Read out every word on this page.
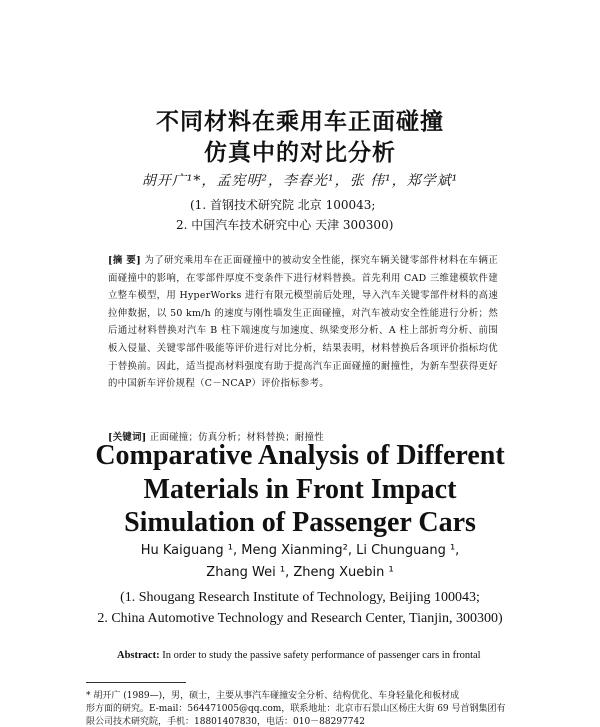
不同材料在乘用车正面碰撞
仿真中的对比分析
胡开广¹*，孟宪明²，李春光¹，张 伟¹，郑学斌¹
(1. 首钢技术研究院 北京 100043;
2. 中国汽车技术研究中心 天津 300300)
[摘 要] 为了研究乘用车在正面碰撞中的被动安全性能，探究车辆关键零部件材料在车辆正面碰撞中的影响，在零部件厚度不变条件下进行材料替换。首先利用 CAD 三维建模软件建立整车模型，用 HyperWorks 进行有限元模型前后处理，导入汽车关键零部件材料的高速拉伸数据，以 50 km/h 的速度与刚性墙发生正面碰撞，对汽车被动安全性能进行分析；然后通过材料替换对汽车 B 柱下端速度与加速度、纵梁变形分析、A 柱上部折弯分析、前围板入侵量、关键零部件吸能等评价进行对比分析，结果表明，材料替换后各项评价指标均优于替换前。因此，适当提高材料强度有助于提高汽车正面碰撞的耐撞性，为新车型获得更好的中国新车评价规程（C－NCAP）评价指标参考。
[关键词] 正面碰撞；仿真分析；材料替换；耐撞性
Comparative Analysis of Different
Materials in Front Impact
Simulation of Passenger Cars
Hu Kaiguang ¹, Meng Xianming², Li Chunguang ¹,
Zhang Wei ¹, Zheng Xuebin ¹
(1. Shougang Research Institute of Technology, Beijing 100043;
2. China Automotive Technology and Research Center, Tianjin, 300300)
Abstract: In order to study the passive safety performance of passenger cars in frontal
* 胡开广 (1989—)，男，硕士，主要从事汽车碰撞安全分析、结构优化、车身轻量化和板材成
形方面的研究。E-mail：564471005@qq.com，联系地址：北京市石景山区杨庄大街 69 号首钢集团有
限公司技术研究院，手机：18801407830，电话：010－88297742
